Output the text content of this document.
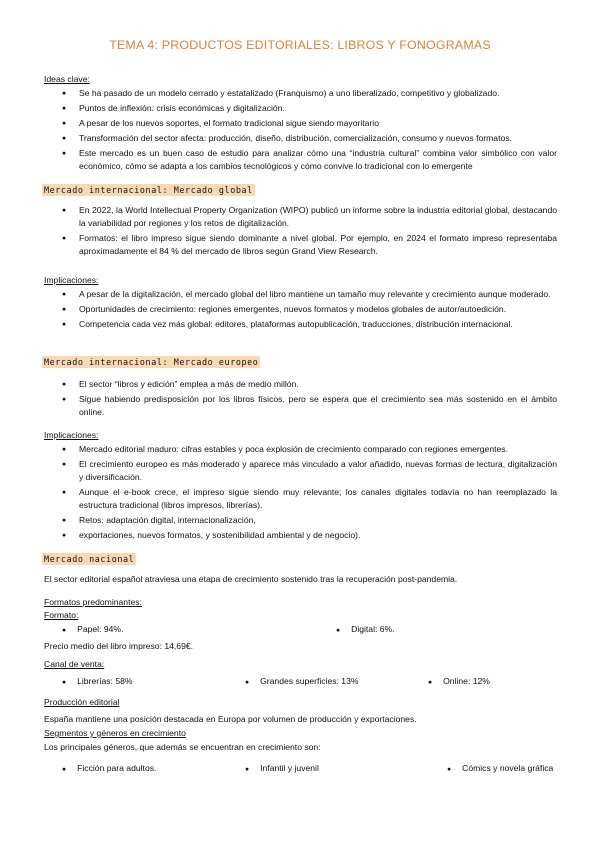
TEMA 4: PRODUCTOS EDITORIALES: LIBROS Y FONOGRAMAS
Ideas clave:
● Se ha pasado de un modelo cerrado y estatalizado (Franquismo) a uno liberalizado, competitivo y globalizado.
● Puntos de inflexión: crisis económicas y digitalización.
● A pesar de los nuevos soportes, el formato tradicional sigue siendo mayoritario
● Transformación del sector afecta: producción, diseño, distribución, comercialización, consumo y nuevos formatos.
● Este mercado es un buen caso de estudio para analizar cómo una “industria cultural” combina valor simbólico con valor económico, cómo se adapta a los cambios tecnológicos y cómo convive lo tradicional con lo emergente
Mercado internacional: Mercado global
● En 2022, la World Intellectual Property Organization (WIPO) publicó un informe sobre la industria editorial global, destacando la variabilidad por regiones y los retos de digitalización.
● Formatos: el libro impreso sigue siendo dominante a nivel global. Por ejemplo, en 2024 el formato impreso representaba aproximadamente el 84 % del mercado de libros según Grand View Research.
Implicaciones:
● A pesar de la digitalización, el mercado global del libro mantiene un tamaño muy relevante y crecimiento aunque moderado.
● Oportunidades de crecimiento: regiones emergentes, nuevos formatos y modelos globales de autor/autoedición.
● Competencia cada vez más global: editores, plataformas autopublicación, traducciones, distribución internacional.
Mercado internacional: Mercado europeo
● El sector “libros y edición” emplea a más de medio millón.
● Sigue habiendo predisposición por los libros físicos, pero se espera que el crecimiento sea más sostenido en el ámbito online.
Implicaciones:
● Mercado editorial maduro: cifras estables y poca explosión de crecimiento comparado con regiones emergentes.
● El crecimiento europeo es más moderado y aparece más vinculado a valor añadido, nuevas formas de lectura, digitalización y diversificación.
● Aunque el e-book crece, el impreso sigue siendo muy relevante; los canales digitales todavía no han reemplazado la estructura tradicional (libros impresos, librerías).
● Retos: adaptación digital, internacionalización,
● exportaciones, nuevos formatos, y sostenibilidad ambiental y de negocio).
Mercado nacional
El sector editorial español atraviesa una etapa de crecimiento sostenido tras la recuperación post-pandemia.
Formatos predominantes:
Formato:
● Papel: 94%.	● Digital: 6%.
Precio medio del libro impreso: 14,69€.
Canal de venta:
● Librerías: 58%	● Grandes superficies: 13%	● Online: 12%
Producción editorial
España mantiene una posición destacada en Europa por volumen de producción y exportaciones.
Segmentos y géneros en crecimiento
Los principales géneros, que además se encuentran en crecimiento son:
● Ficción para adultos.	● Infantil y juvenil	● Cómics y novela gráfica
